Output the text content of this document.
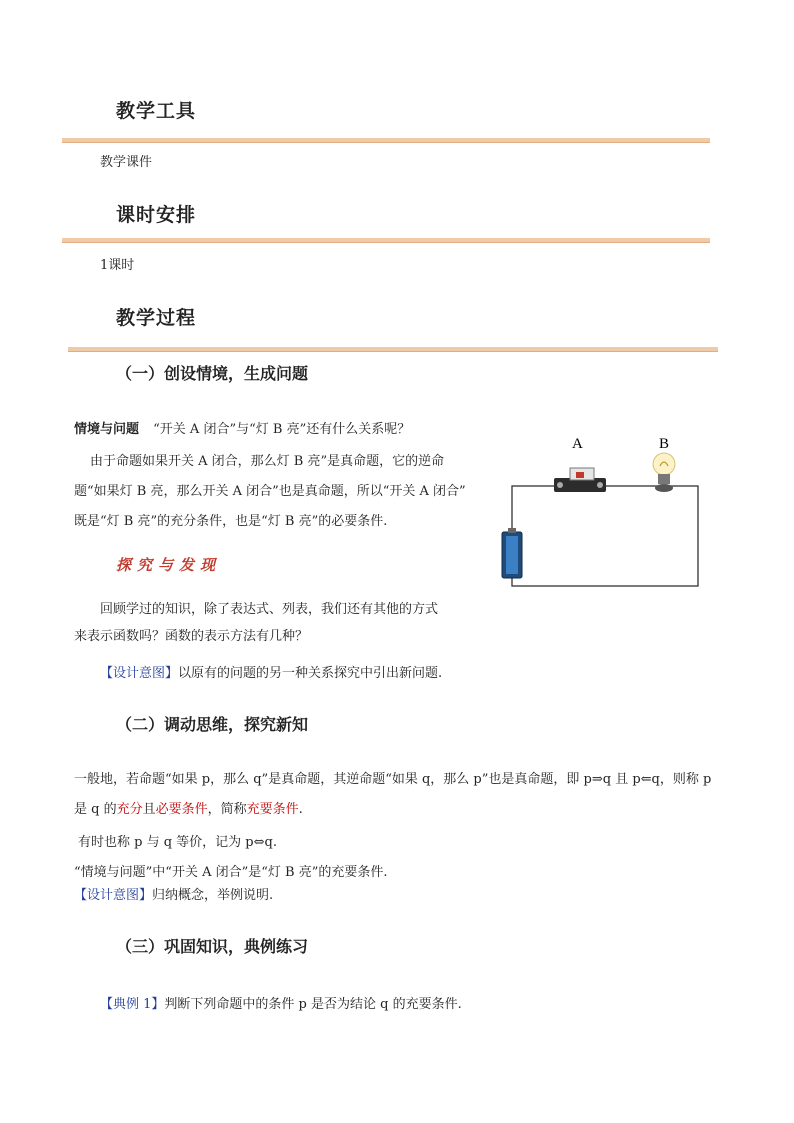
教学工具
教学课件
课时安排
1课时
教学过程
（一）创设情境，生成问题
情境与问题 “开关 A 闭合”与“灯 B 亮”还有什么关系呢？
由于命题如果开关 A 闭合，那么灯 B 亮”是真命题，它的逆命
题“如果灯 B 亮，那么开关 A 闭合”也是真命题，所以“开关 A 闭合”
既是“灯 B 亮”的充分条件，也是“灯 B 亮”的必要条件.
探究与发现
回顾学过的知识，除了表达式、列表，我们还有其他的方式
来表示函数吗？函数的表示方法有几种？
【设计意图】以原有的问题的另一种关系探究中引出新问题.
A	B
（二）调动思维，探究新知
一般地，若命题“如果 p，那么 q”是真命题，其逆命题“如果 q，那么 p”也是真命题，即 p⇒q 且 p⇐q，则称 p
是 q 的充分且必要条件，简称充要条件.
有时也称 p 与 q 等价，记为 p⇔q.
“情境与问题”中“开关 A 闭合”是“灯 B 亮”的充要条件.
【设计意图】归纳概念，举例说明.
（三）巩固知识，典例练习
【典例 1】判断下列命题中的条件 p 是否为结论 q 的充要条件.
